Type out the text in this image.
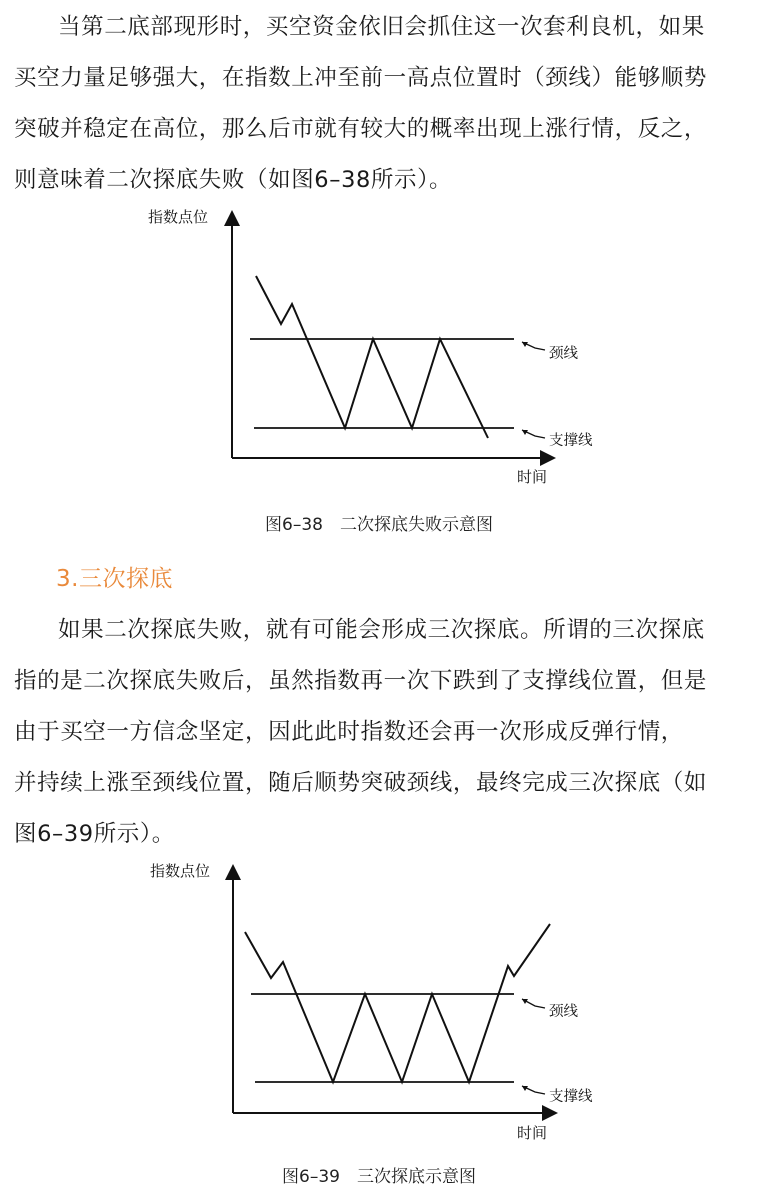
当第二底部现形时，买空资金依旧会抓住这一次套利良机，如果
买空力量足够强大，在指数上冲至前一高点位置时（颈线）能够顺势
突破并稳定在高位，那么后市就有较大的概率出现上涨行情，反之，
则意味着二次探底失败（如图6–38所示）。
指数点位
时间
颈线
支撑线
图6–38　二次探底失败示意图
3.三次探底
如果二次探底失败，就有可能会形成三次探底。所谓的三次探底
指的是二次探底失败后，虽然指数再一次下跌到了支撑线位置，但是
由于买空一方信念坚定，因此此时指数还会再一次形成反弹行情，
并持续上涨至颈线位置，随后顺势突破颈线，最终完成三次探底（如
图6–39所示）。
指数点位
时间
颈线
支撑线
图6–39　三次探底示意图
